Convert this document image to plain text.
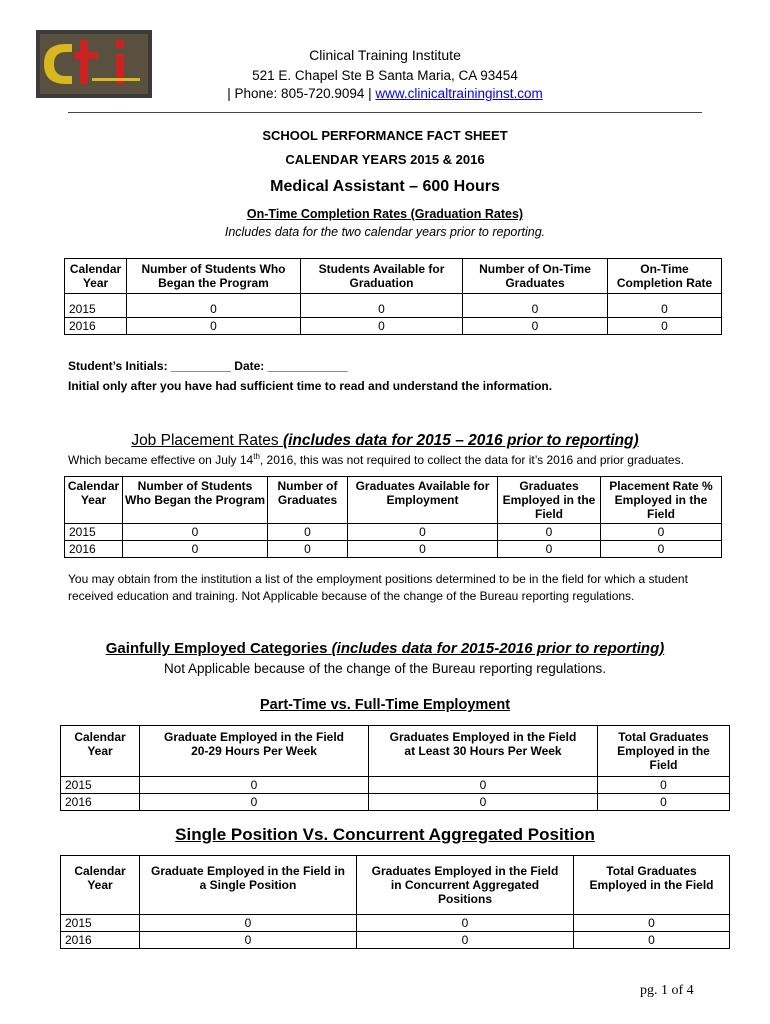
Clinical Training Institute
521 E. Chapel Ste B Santa Maria, CA 93454
| Phone: 805-720.9094 | www.clinicaltraininginst.com
SCHOOL PERFORMANCE FACT SHEET
CALENDAR YEARS 2015 & 2016
Medical Assistant – 600 Hours
On-Time Completion Rates (Graduation Rates)
Includes data for the two calendar years prior to reporting.
Calendar Year	Number of Students Who Began the Program	Students Available for Graduation	Number of On-Time Graduates	On-Time Completion Rate
2015	0	0	0	0
2016	0	0	0	0
Student’s Initials: _________ Date: ____________
Initial only after you have had sufficient time to read and understand the information.
Job Placement Rates (includes data for 2015 – 2016 prior to reporting)
Which became effective on July 14th, 2016, this was not required to collect the data for it’s 2016 and prior graduates.
Calendar Year	Number of Students Who Began the Program	Number of Graduates	Graduates Available for Employment	Graduates Employed in the Field	Placement Rate % Employed in the Field
2015	0	0	0	0	0
2016	0	0	0	0	0
You may obtain from the institution a list of the employment positions determined to be in the field for which a student received education and training. Not Applicable because of the change of the Bureau reporting regulations.
Gainfully Employed Categories (includes data for 2015-2016 prior to reporting)
Not Applicable because of the change of the Bureau reporting regulations.
Part-Time vs. Full-Time Employment
Calendar Year	Graduate Employed in the Field 20-29 Hours Per Week	Graduates Employed in the Field at Least 30 Hours Per Week	Total Graduates Employed in the Field
2015	0	0	0
2016	0	0	0
Single Position Vs. Concurrent Aggregated Position
Calendar Year	Graduate Employed in the Field in a Single Position	Graduates Employed in the Field in Concurrent Aggregated Positions	Total Graduates Employed in the Field
2015	0	0	0
2016	0	0	0
pg. 1 of 4
